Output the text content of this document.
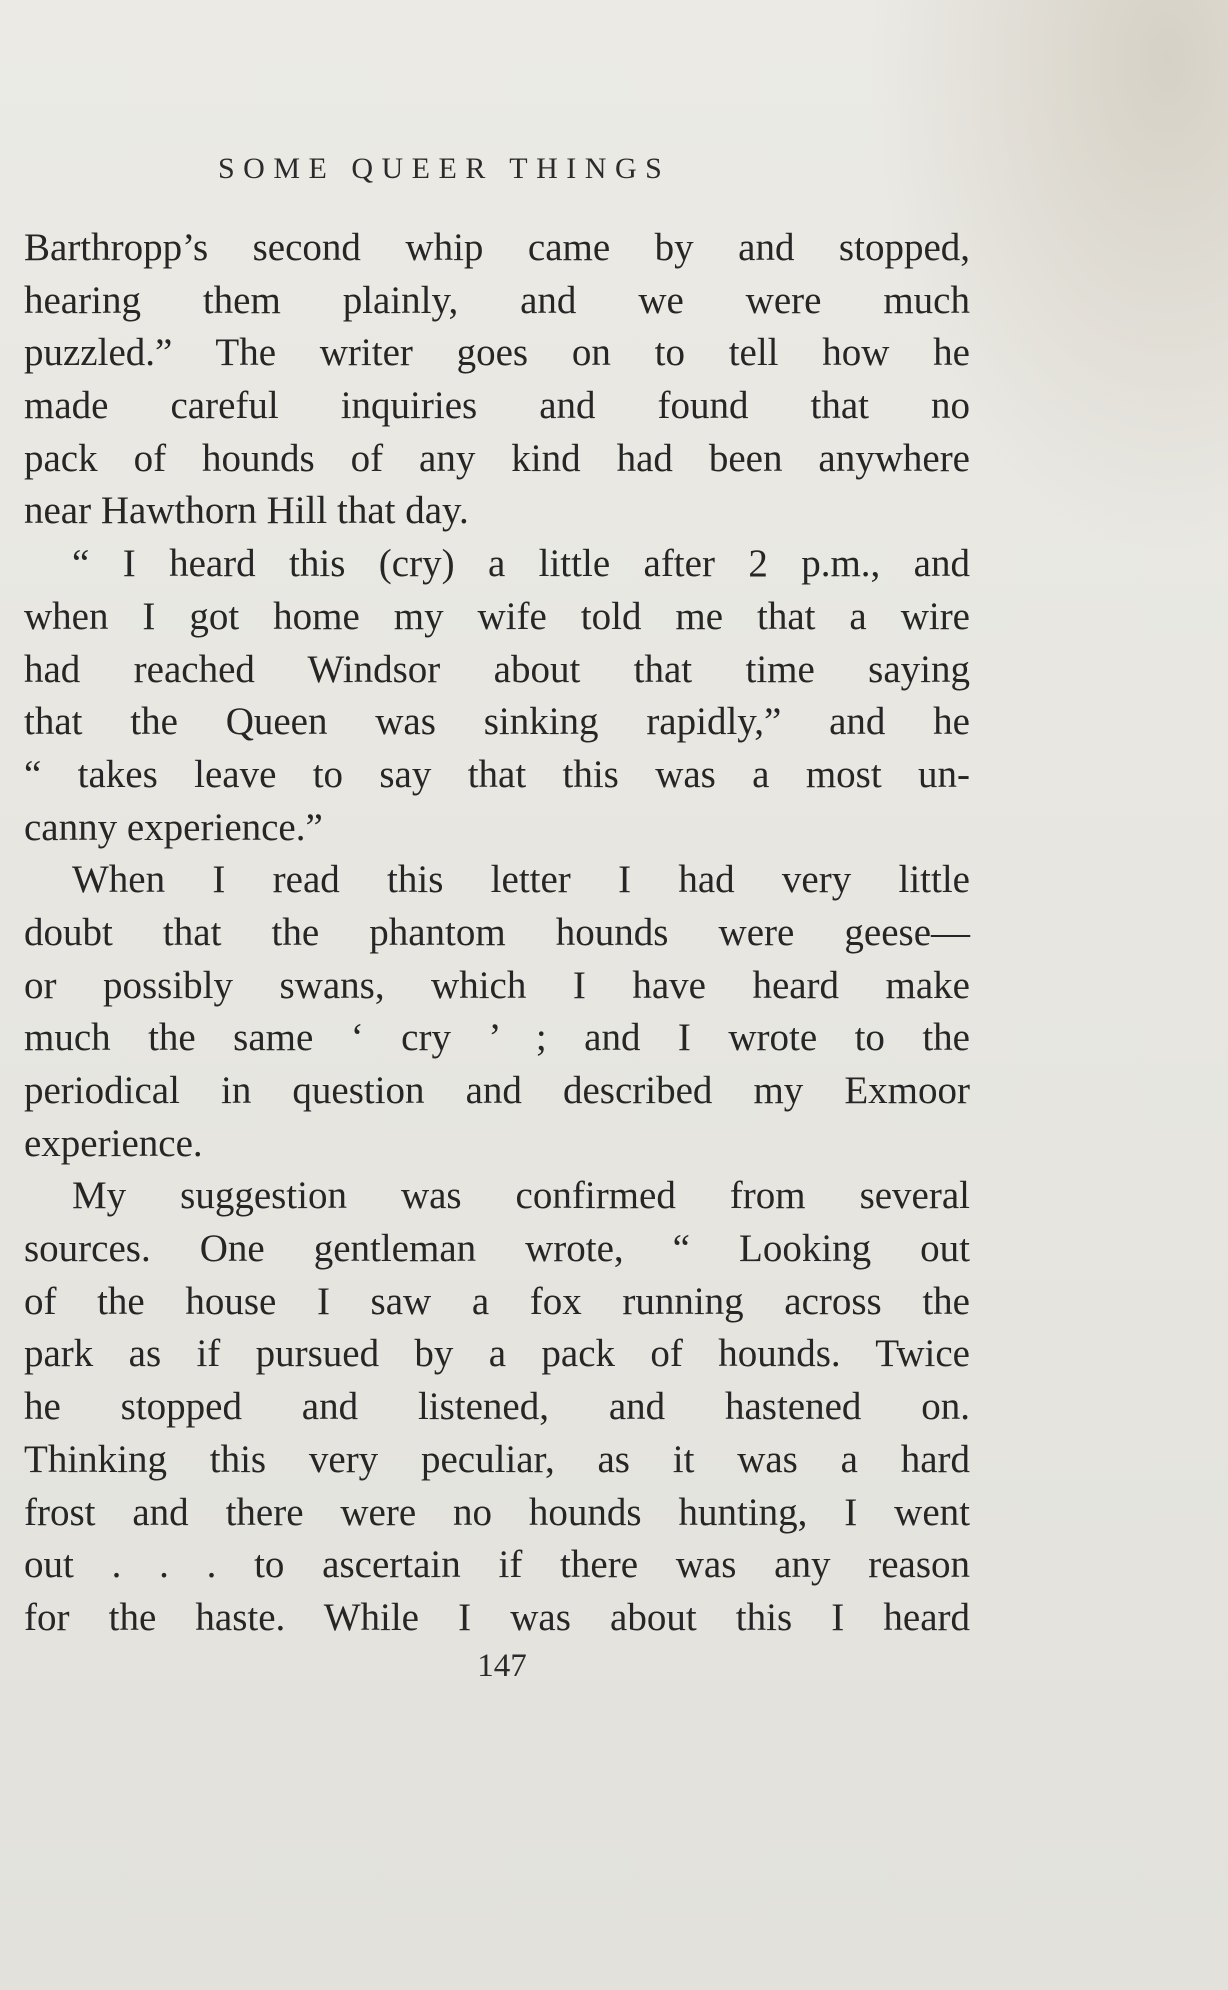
SOME QUEER THINGS
Barthropp’s second whip came by and stopped,
hearing them plainly, and we were much
puzzled.” The writer goes on to tell how he
made careful inquiries and found that no
pack of hounds of any kind had been anywhere
near Hawthorn Hill that day.
“ I heard this (cry) a little after 2 p.m., and
when I got home my wife told me that a wire
had reached Windsor about that time saying
that the Queen was sinking rapidly,” and he
“ takes leave to say that this was a most un-
canny experience.”
When I read this letter I had very little
doubt that the phantom hounds were geese—
or possibly swans, which I have heard make
much the same ‘ cry ’ ; and I wrote to the
periodical in question and described my Exmoor
experience.
My suggestion was confirmed from several
sources. One gentleman wrote, “ Looking out
of the house I saw a fox running across the
park as if pursued by a pack of hounds. Twice
he stopped and listened, and hastened on.
Thinking this very peculiar, as it was a hard
frost and there were no hounds hunting, I went
out . . . to ascertain if there was any reason
for the haste. While I was about this I heard
147
